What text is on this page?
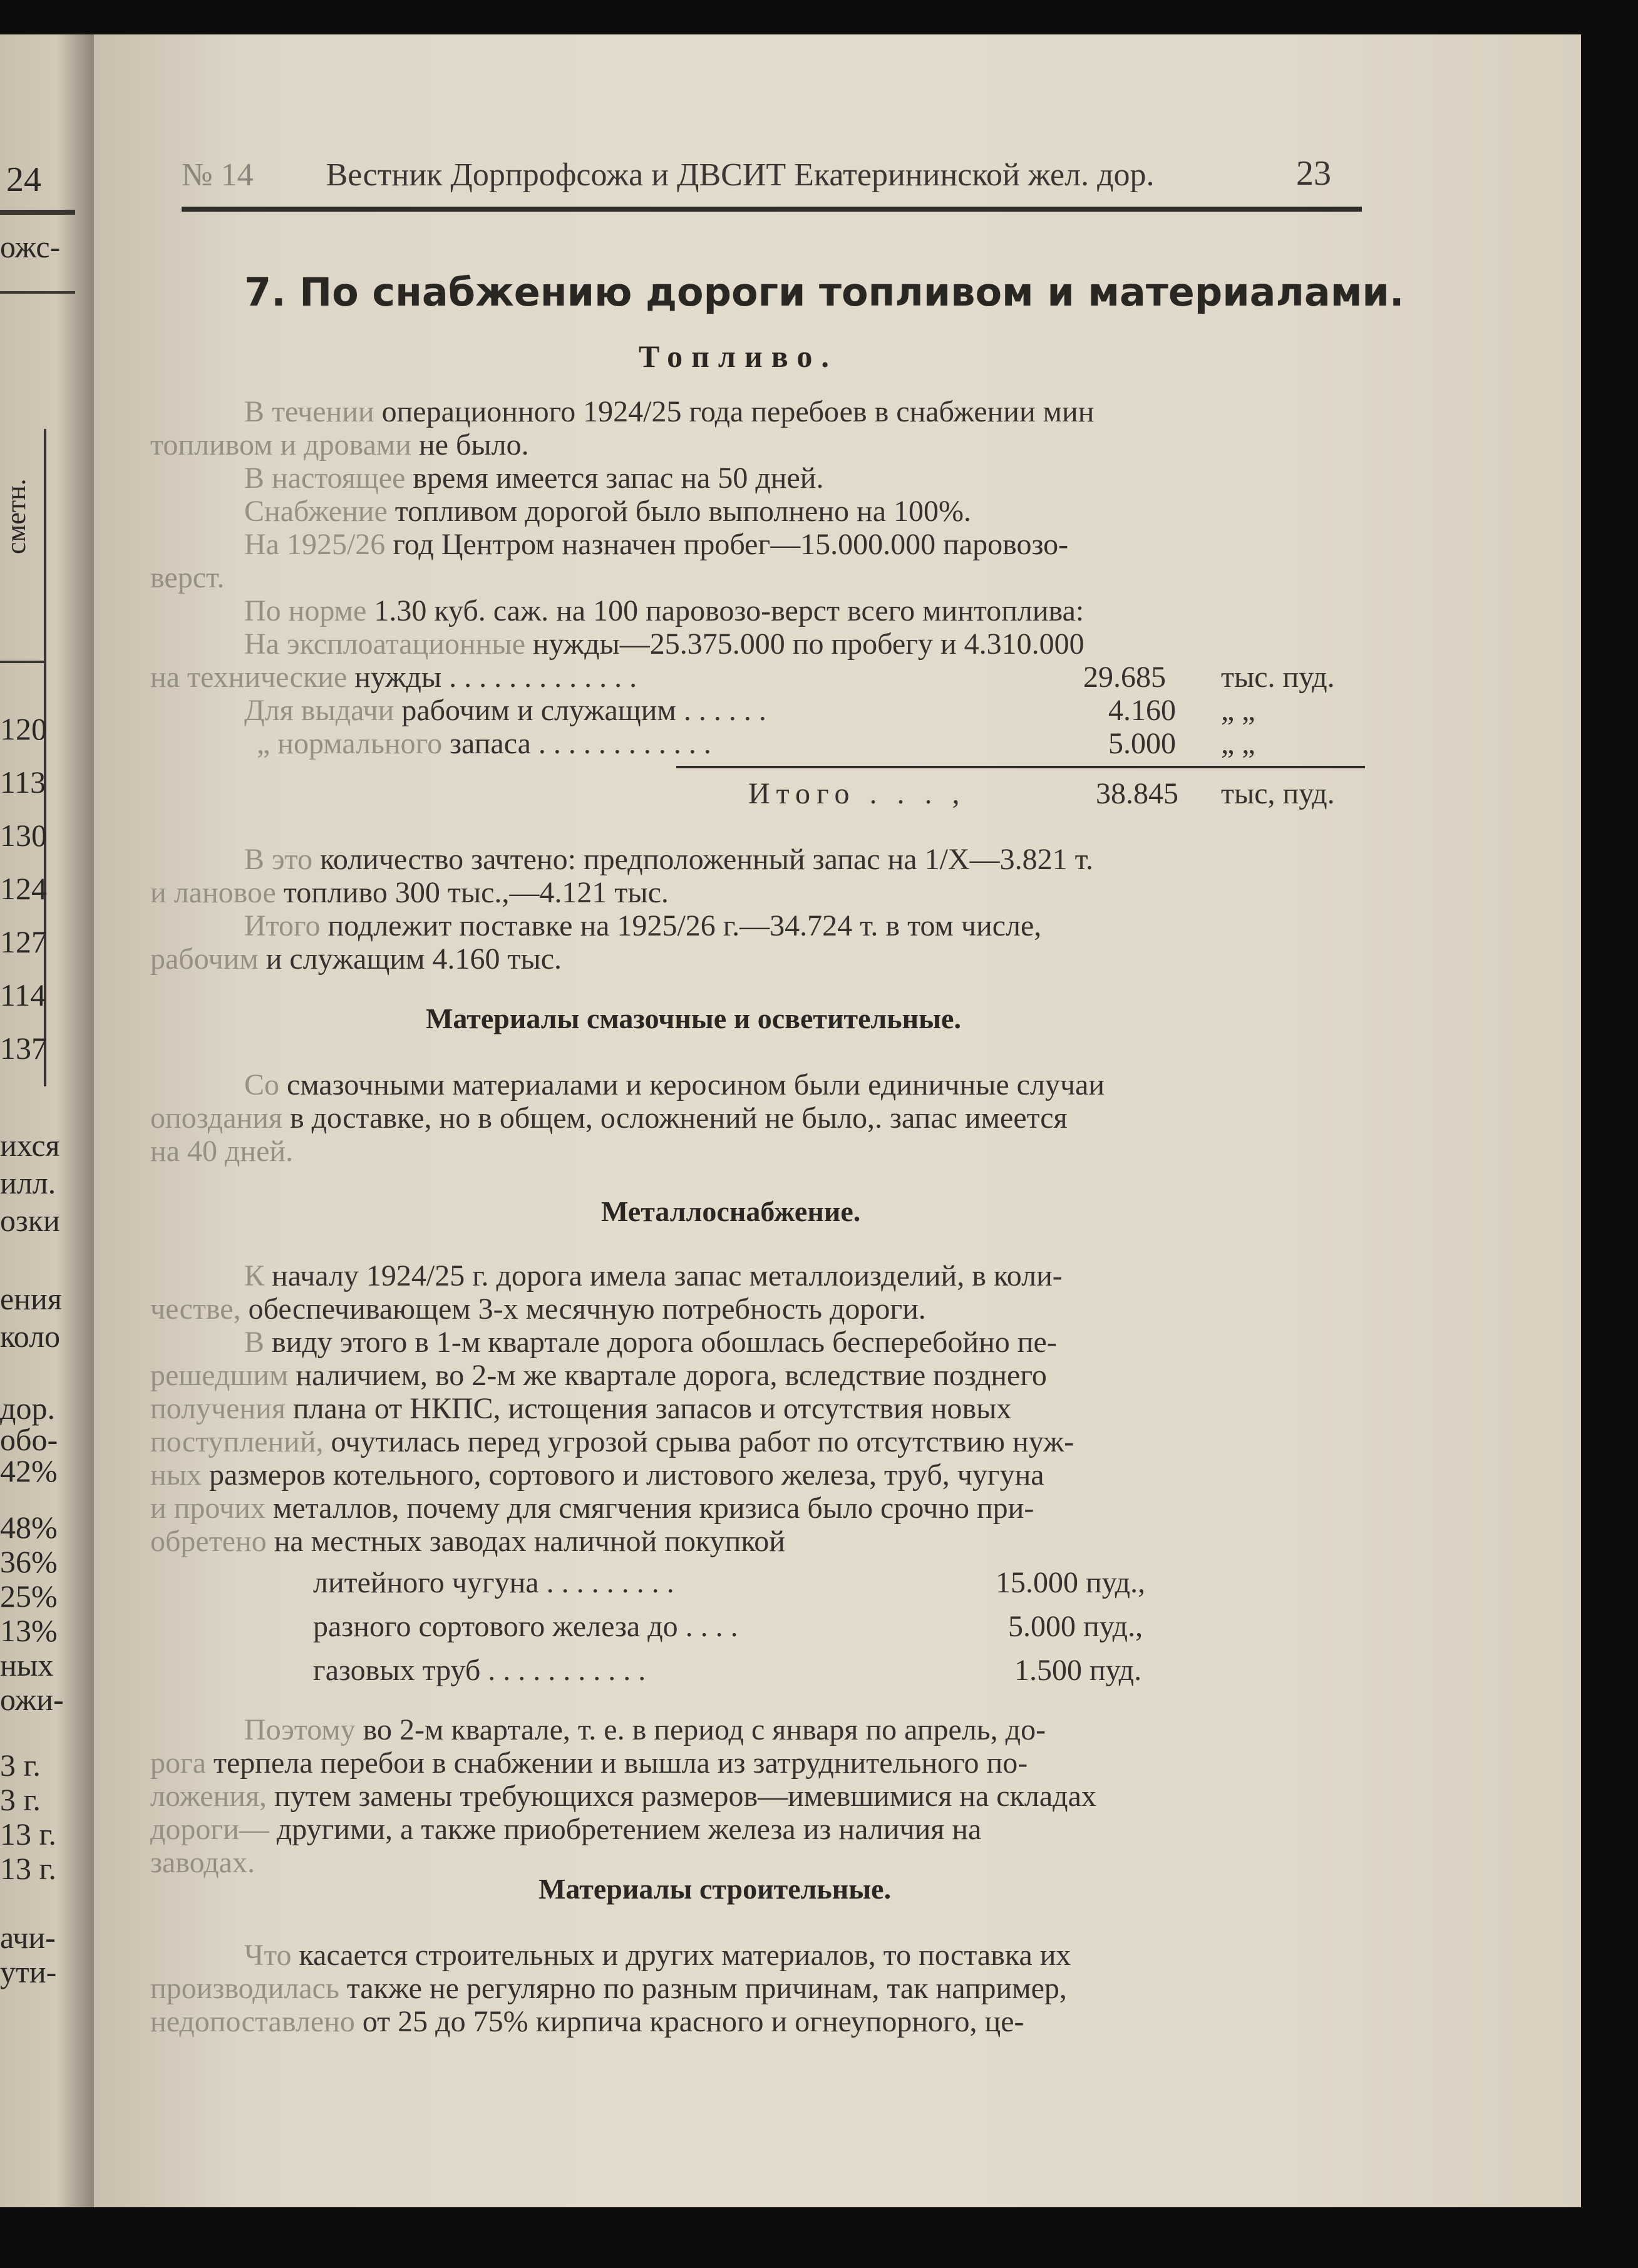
24
ожс-
сметн.
120
113
130
124
127
114
137
ихся
илл.
озки
ения
коло
дор.
обо-
42%
48%
36%
25%
13%
ных
ожи-
3 г.
3 г.
13 г.
13 г.
ачи-
ути-
№ 14 Вестник Дорпрофсожа и ДВСИТ Екатерининской жел. дор.	23
7. По снабжению дороги топливом и материалами.
Топливо.
В течении операционного 1924/25 года перебоев в снабжении мин
топливом и дровами не было.
В настоящее время имеется запас на 50 дней.
Снабжение топливом дорогой было выполнено на 100%.
На 1925/26 год Центром назначен пробег—15.000.000 паровозо-
верст.
По норме 1.30 куб. саж. на 100 паровозо-верст всего минтоплива:
На эксплоатационные нужды—25.375.000 по пробегу и 4.310.000
на технические нужды . . . . . . . . . . . . .	29.685 тыс. пуд.
Для выдачи рабочим и служащим . . . . . .	4.160 „ „
„ нормального запаса . . . . . . . . . . . .	5.000 „ „
Итого . . . ,	38.845 тыс, пуд.
В это количество зачтено: предположенный запас на 1/X—3.821 т.
и лановое топливо 300 тыс.,—4.121 тыс.
Итого подлежит поставке на 1925/26 г.—34.724 т. в том числе,
рабочим и служащим 4.160 тыс.
Материалы смазочные и осветительные.
Со смазочными материалами и керосином были единичные случаи
опоздания в доставке, но в общем, осложнений не было,. запас имеется
на 40 дней.
Металлоснабжение.
К началу 1924/25 г. дорога имела запас металлоизделий, в коли-
честве, обеспечивающем 3-х месячную потребность дороги.
В виду этого в 1-м квартале дорога обошлась бесперебойно пе-
решедшим наличием, во 2-м же квартале дорога, вследствие позднего
получения плана от НКПС, истощения запасов и отсутствия новых
поступлений, очутилась перед угрозой срыва работ по отсутствию нуж-
ных размеров котельного, сортового и листового железа, труб, чугуна
и прочих металлов, почему для смягчения кризиса было срочно при-
обретено на местных заводах наличной покупкой
литейного чугуна . . . . . . . . .	15.000 пуд.,
разного сортового железа до . . . .	5.000 пуд.,
газовых труб . . . . . . . . . . .	1.500 пуд.
Поэтому во 2-м квартале, т. е. в период с января по апрель, до-
рога терпела перебои в снабжении и вышла из затруднительного по-
ложения, путем замены требующихся размеров—имевшимися на складах
дороги— другими, а также приобретением железа из наличия на
заводах.
Материалы строительные.
Что касается строительных и других материалов, то поставка их
производилась также не регулярно по разным причинам, так например,
недопоставлено от 25 до 75% кирпича красного и огнеупорного, це-
